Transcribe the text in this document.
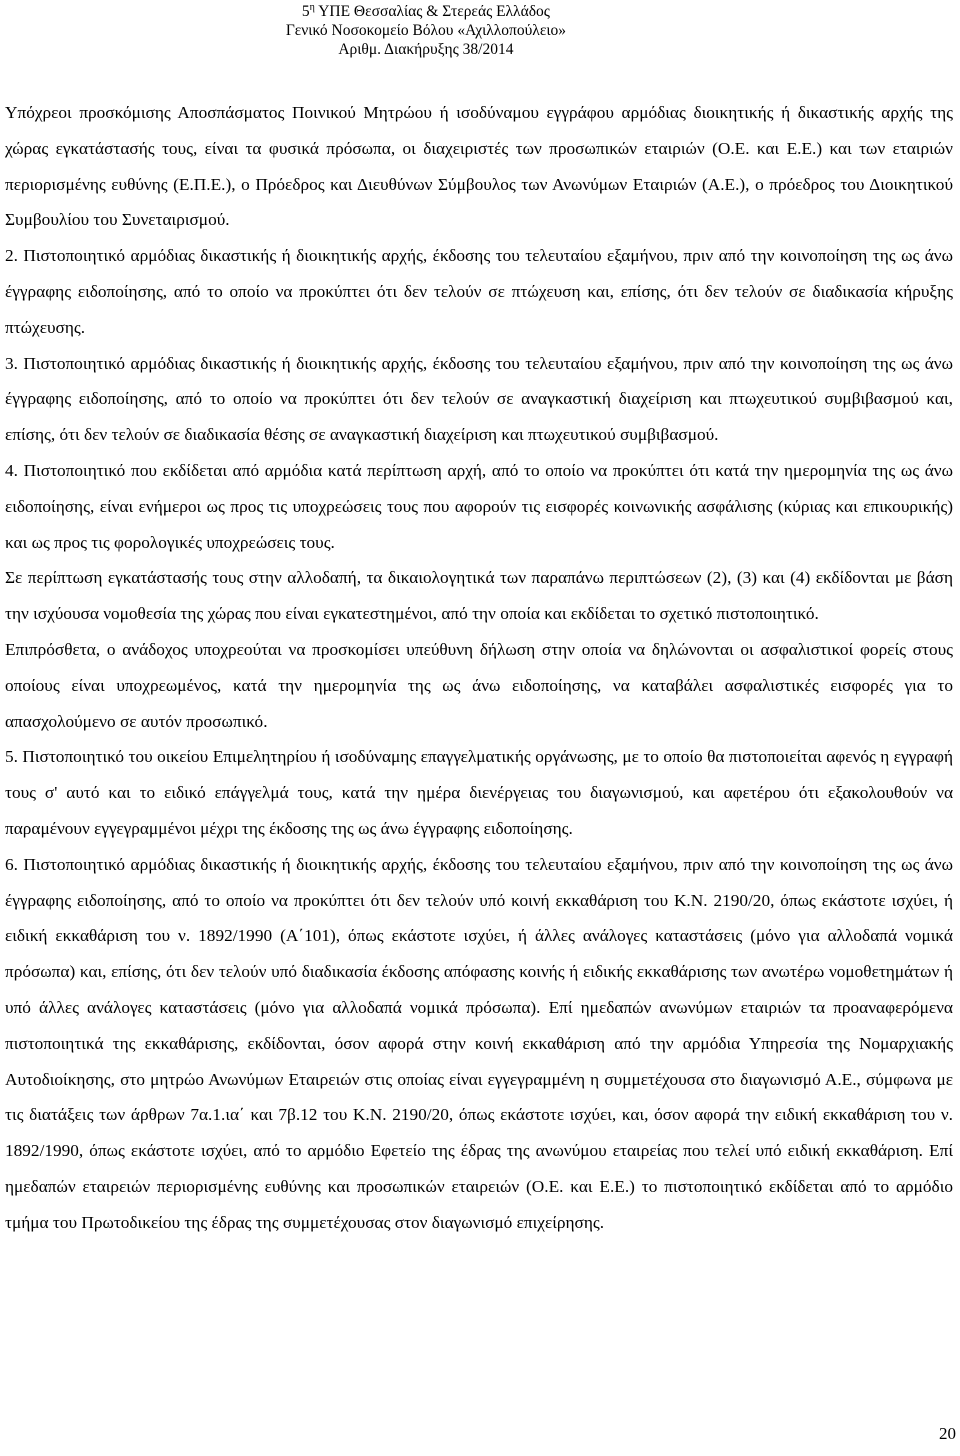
$5^\eta$ ΥΠΕ Θεσσαλίας & Στερεάς Ελλάδος
Γενικό Νοσοκομείο Βόλου «Αχιλλοπούλειο»
Αριθμ. Διακήρυξης 38/2014

Υπόχρεοι προσκόμισης Αποσπάσματος Ποινικού Μητρώου ή ισοδύναμου εγγράφου αρμόδιας διοικητικής ή δικαστικής αρχής της χώρας εγκατάστασής τους, είναι τα φυσικά πρόσωπα, οι διαχειριστές των προσωπικών εταιριών (Ο.Ε. και Ε.Ε.) και των εταιριών περιορισμένης ευθύνης (Ε.Π.Ε.), ο Πρόεδρος και Διευθύνων Σύμβουλος των Ανωνύμων Εταιριών (Α.Ε.), ο πρόεδρος του Διοικητικού Συμβουλίου του Συνεταιρισμού.

2. Πιστοποιητικό αρμόδιας δικαστικής ή διοικητικής αρχής, έκδοσης του τελευταίου εξαμήνου, πριν από την κοινοποίηση της ως άνω έγγραφης ειδοποίησης, από το οποίο να προκύπτει ότι δεν τελούν σε πτώχευση και, επίσης, ότι δεν τελούν σε διαδικασία κήρυξης πτώχευσης.

3. Πιστοποιητικό αρμόδιας δικαστικής ή διοικητικής αρχής, έκδοσης του τελευταίου εξαμήνου, πριν από την κοινοποίηση της ως άνω έγγραφης ειδοποίησης, από το οποίο να προκύπτει ότι δεν τελούν σε αναγκαστική διαχείριση και πτωχευτικού συμβιβασμού και, επίσης, ότι δεν τελούν σε διαδικασία θέσης σε αναγκαστική διαχείριση και πτωχευτικού συμβιβασμού.

4. Πιστοποιητικό που εκδίδεται από αρμόδια κατά περίπτωση αρχή, από το οποίο να προκύπτει ότι κατά την ημερομηνία της ως άνω ειδοποίησης, είναι ενήμεροι ως προς τις υποχρεώσεις τους που αφορούν τις εισφορές κοινωνικής ασφάλισης (κύριας και επικουρικής) και ως προς τις φορολογικές υποχρεώσεις τους.

Σε περίπτωση εγκατάστασής τους στην αλλοδαπή, τα δικαιολογητικά των παραπάνω περιπτώσεων (2), (3) και (4) εκδίδονται με βάση την ισχύουσα νομοθεσία της χώρας που είναι εγκατεστημένοι, από την οποία και εκδίδεται το σχετικό πιστοποιητικό.

Επιπρόσθετα, ο ανάδοχος υποχρεούται να προσκομίσει υπεύθυνη δήλωση στην οποία να δηλώνονται οι ασφαλιστικοί φορείς στους οποίους είναι υποχρεωμένος, κατά την ημερομηνία της ως άνω ειδοποίησης, να καταβάλει ασφαλιστικές εισφορές για το απασχολούμενο σε αυτόν προσωπικό.

5. Πιστοποιητικό του οικείου Επιμελητηρίου ή ισοδύναμης επαγγελματικής οργάνωσης, με το οποίο θα πιστοποιείται αφενός η εγγραφή τους σ' αυτό και το ειδικό επάγγελμά τους, κατά την ημέρα διενέργειας του διαγωνισμού, και αφετέρου ότι εξακολουθούν να παραμένουν εγγεγραμμένοι μέχρι της έκδοσης της ως άνω έγγραφης ειδοποίησης.

6. Πιστοποιητικό αρμόδιας δικαστικής ή διοικητικής αρχής, έκδοσης του τελευταίου εξαμήνου, πριν από την κοινοποίηση της ως άνω έγγραφης ειδοποίησης, από το οποίο να προκύπτει ότι δεν τελούν υπό κοινή εκκαθάριση του Κ.Ν. 2190/20, όπως εκάστοτε ισχύει, ή ειδική εκκαθάριση του ν. 1892/1990 (Α΄101), όπως εκάστοτε ισχύει, ή άλλες ανάλογες καταστάσεις (μόνο για αλλοδαπά νομικά πρόσωπα) και, επίσης, ότι δεν τελούν υπό διαδικασία έκδοσης απόφασης κοινής ή ειδικής εκκαθάρισης των ανωτέρω νομοθετημάτων ή υπό άλλες ανάλογες καταστάσεις (μόνο για αλλοδαπά νομικά πρόσωπα). Επί ημεδαπών ανωνύμων εταιριών τα προαναφερόμενα πιστοποιητικά της εκκαθάρισης, εκδίδονται, όσον αφορά στην κοινή εκκαθάριση από την αρμόδια Υπηρεσία της Νομαρχιακής Αυτοδιοίκησης, στο μητρώο Ανωνύμων Εταιρειών στις οποίας είναι εγγεγραμμένη η συμμετέχουσα στο διαγωνισμό Α.Ε., σύμφωνα με τις διατάξεις των άρθρων 7α.1.ια΄ και 7β.12 του Κ.Ν. 2190/20, όπως εκάστοτε ισχύει, και, όσον αφορά την ειδική εκκαθάριση του ν. 1892/1990, όπως εκάστοτε ισχύει, από το αρμόδιο Εφετείο της έδρας της ανωνύμου εταιρείας που τελεί υπό ειδική εκκαθάριση. Επί ημεδαπών εταιρειών περιορισμένης ευθύνης και προσωπικών εταιρειών (Ο.Ε. και Ε.Ε.) το πιστοποιητικό εκδίδεται από το αρμόδιο τμήμα του Πρωτοδικείου της έδρας της συμμετέχουσας στον διαγωνισμό επιχείρησης.

20
